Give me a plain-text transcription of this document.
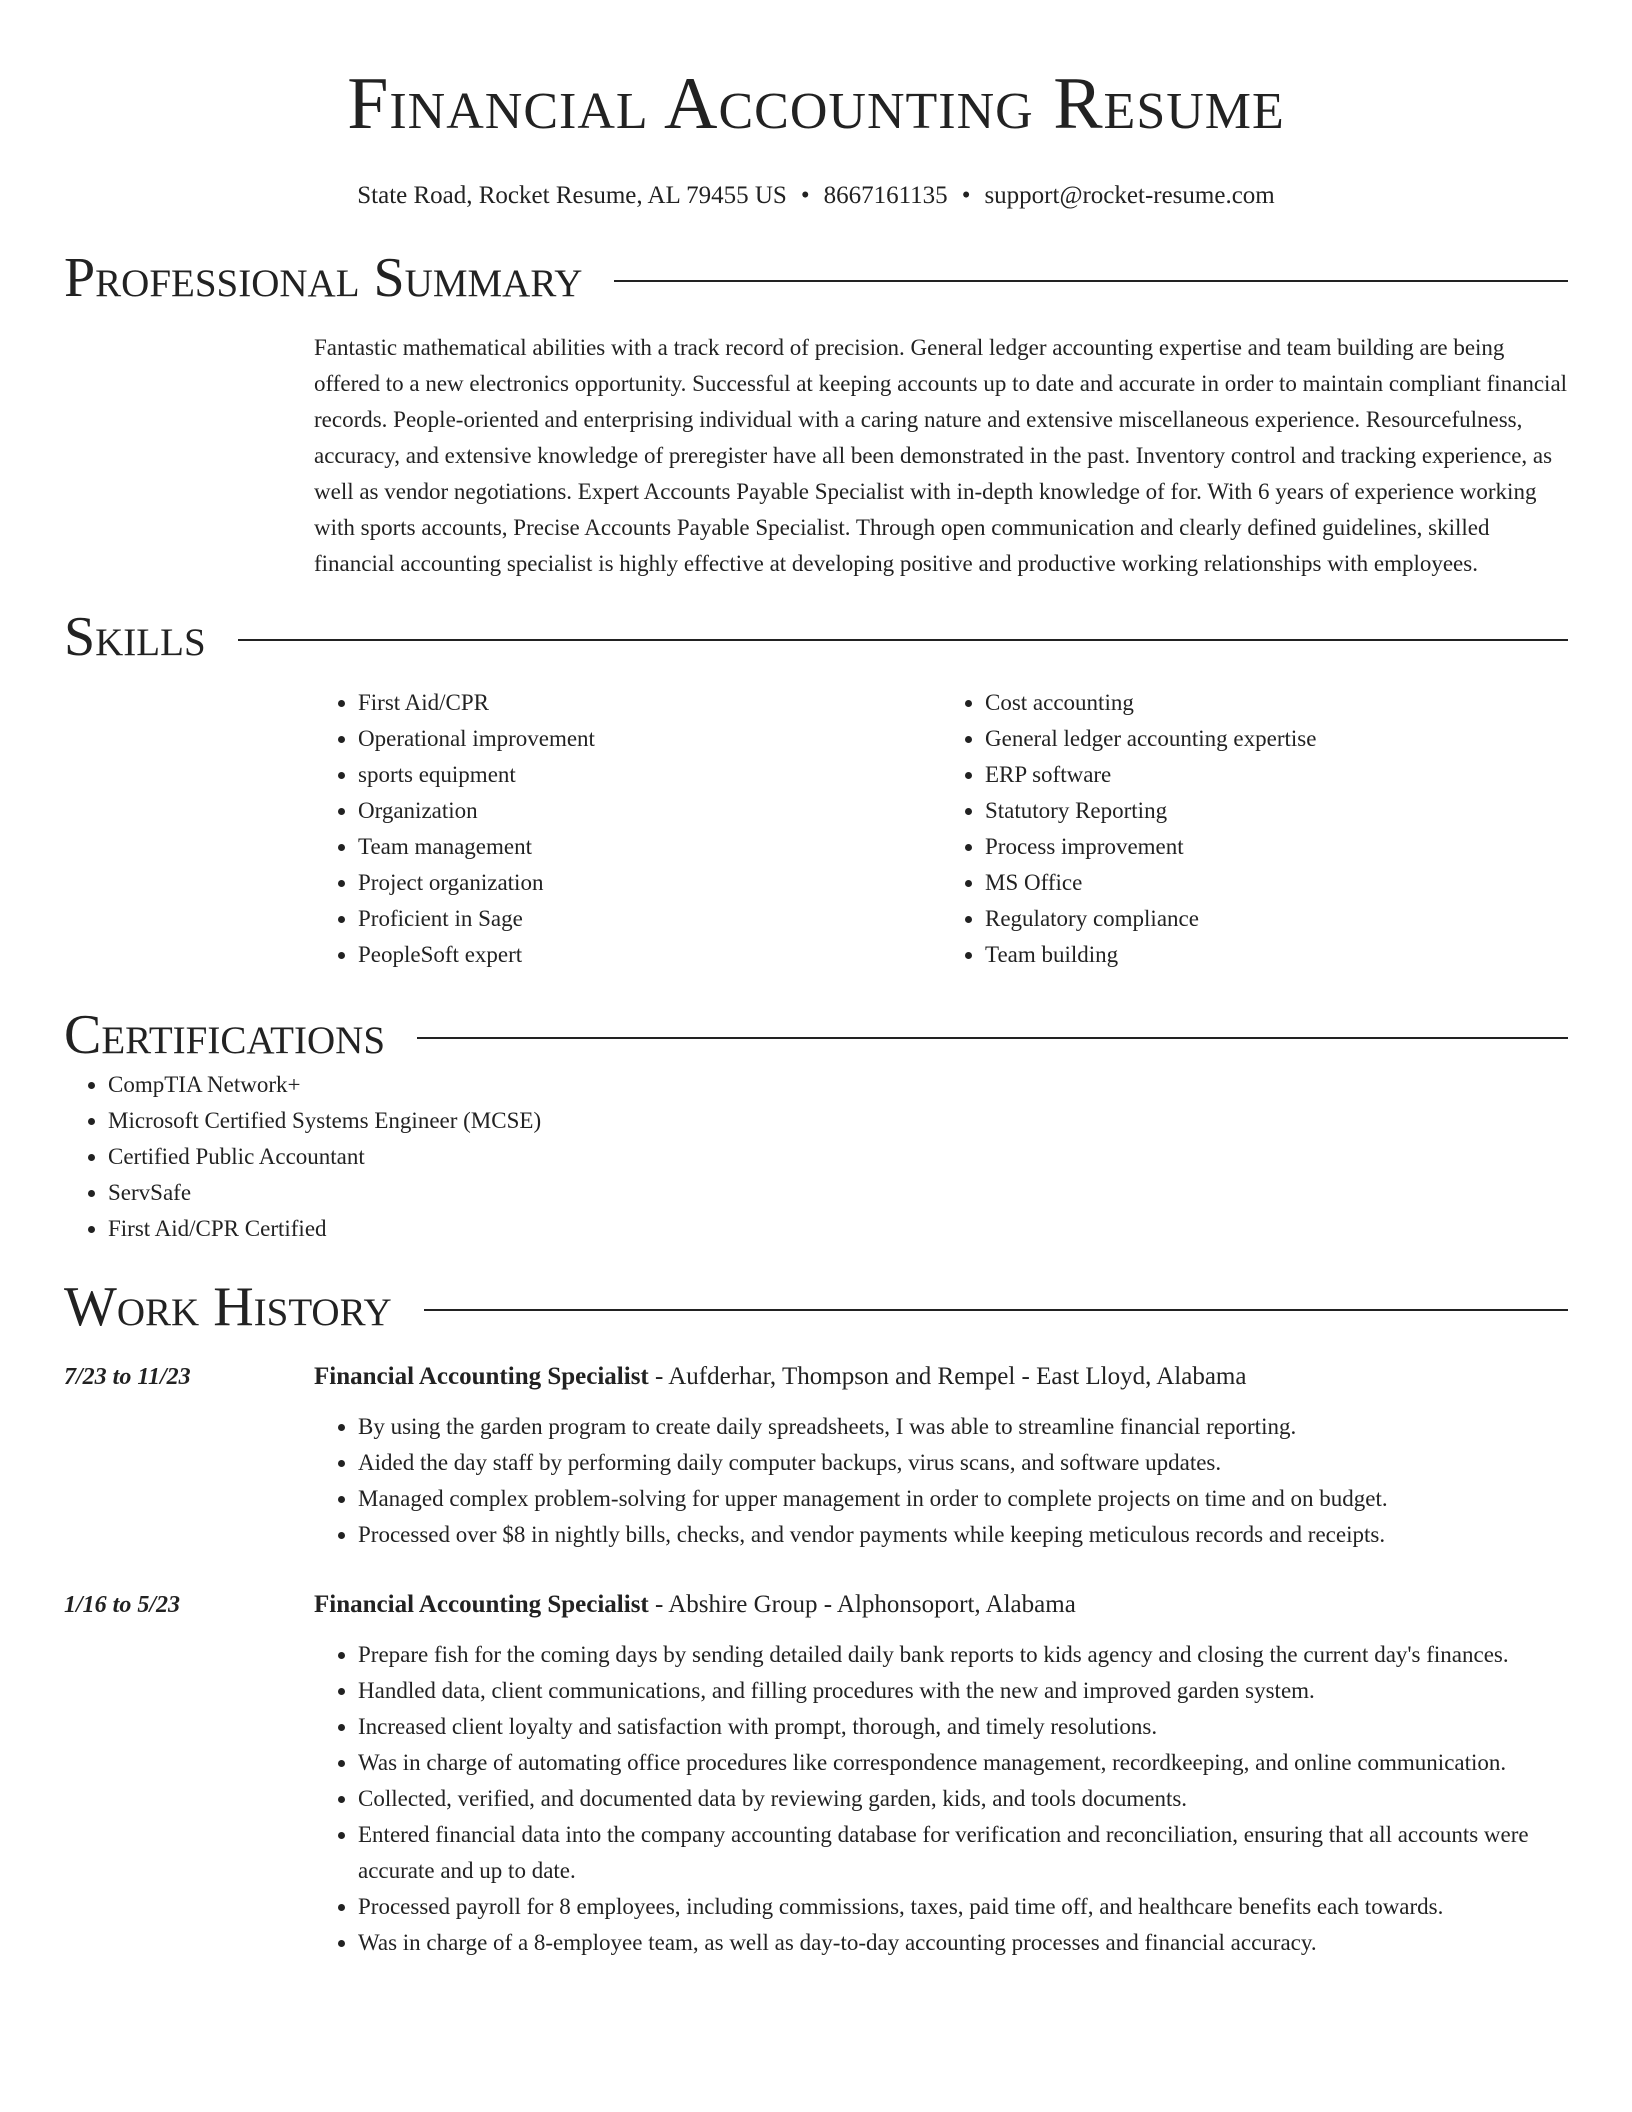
Financial Accounting Resume
State Road, Rocket Resume, AL 79455 US • 8667161135 • support@rocket-resume.com
Professional Summary

Fantastic mathematical abilities with a track record of precision. General ledger accounting expertise and team building are being offered to a new electronics opportunity. Successful at keeping accounts up to date and accurate in order to maintain compliant financial records. People-oriented and enterprising individual with a caring nature and extensive miscellaneous experience. Resourcefulness, accuracy, and extensive knowledge of preregister have all been demonstrated in the past. Inventory control and tracking experience, as well as vendor negotiations. Expert Accounts Payable Specialist with in-depth knowledge of for. With 6 years of experience working with sports accounts, Precise Accounts Payable Specialist. Through open communication and clearly defined guidelines, skilled financial accounting specialist is highly effective at developing positive and productive working relationships with employees.

Skills
• First Aid/CPR
• Operational improvement
• sports equipment
• Organization
• Team management
• Project organization
• Proficient in Sage
• PeopleSoft expert
• Cost accounting
• General ledger accounting expertise
• ERP software
• Statutory Reporting
• Process improvement
• MS Office
• Regulatory compliance
• Team building
Certifications
• CompTIA Network+
• Microsoft Certified Systems Engineer (MCSE)
• Certified Public Accountant
• ServSafe
• First Aid/CPR Certified
Work History
7/23 to 11/23	Financial Accounting Specialist - Aufderhar, Thompson and Rempel - East Lloyd, Alabama
• By using the garden program to create daily spreadsheets, I was able to streamline financial reporting.
• Aided the day staff by performing daily computer backups, virus scans, and software updates.
• Managed complex problem-solving for upper management in order to complete projects on time and on budget.
• Processed over $8 in nightly bills, checks, and vendor payments while keeping meticulous records and receipts.
1/16 to 5/23	Financial Accounting Specialist - Abshire Group - Alphonsoport, Alabama
• Prepare fish for the coming days by sending detailed daily bank reports to kids agency and closing the current day's finances.
• Handled data, client communications, and filling procedures with the new and improved garden system.
• Increased client loyalty and satisfaction with prompt, thorough, and timely resolutions.
• Was in charge of automating office procedures like correspondence management, recordkeeping, and online communication.
• Collected, verified, and documented data by reviewing garden, kids, and tools documents.
• Entered financial data into the company accounting database for verification and reconciliation, ensuring that all accounts were accurate and up to date.
• Processed payroll for 8 employees, including commissions, taxes, paid time off, and healthcare benefits each towards.
• Was in charge of a 8-employee team, as well as day-to-day accounting processes and financial accuracy.
